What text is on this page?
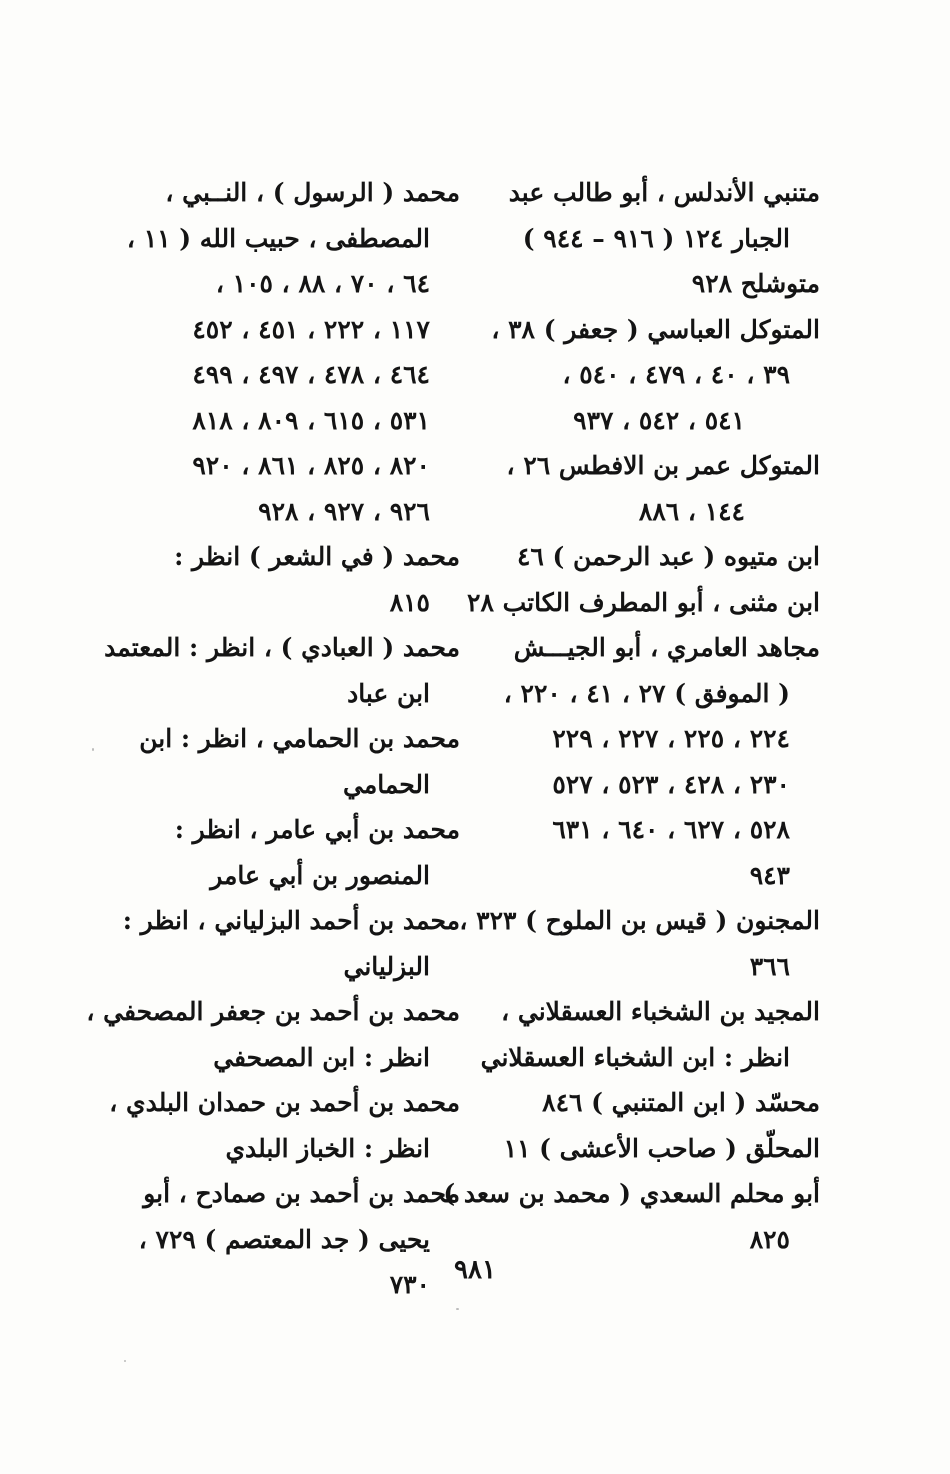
متنبي الأندلس ، أبو طالب عبد
الجبار ١٢٤ ( ٩١٦ – ٩٤٤ )
متوشلح ٩٢٨
المتوكل العباسي ( جعفر ) ٣٨ ،
٣٩ ، ٤٠ ، ٤٧٩ ، ٥٤٠ ،
٥٤١ ، ٥٤٢ ، ٩٣٧
المتوكل عمر بن الافطس ٢٦ ،
١٤٤ ، ٨٨٦
ابن متيوه ( عبد الرحمن ) ٤٦
ابن مثنى ، أبو المطرف الكاتب ٢٨
مجاهد العامري ، أبو الجيـــش
( الموفق ) ٢٧ ، ٤١ ، ٢٢٠ ،
٢٢٤ ، ٢٢٥ ، ٢٢٧ ، ٢٢٩
٢٣٠ ، ٤٢٨ ، ٥٢٣ ، ٥٢٧
٥٢٨ ، ٦٢٧ ، ٦٤٠ ، ٦٣١
٩٤٣
المجنون ( قيس بن الملوح ) ٣٢٣ ،
٣٦٦
المجيد بن الشخباء العسقلاني ،
انظر : ابن الشخباء العسقلاني
محسّد ( ابن المتنبي ) ٨٤٦
المحلّق ( صاحب الأعشى ) ١١
أبو محلم السعدي ( محمد بن سعد )
٨٢٥
محمد ( الرسول ) ، النــبي ،
المصطفى ، حبيب الله ( ١١ ،
٦٤ ، ٧٠ ، ٨٨ ، ١٠٥ ،
١١٧ ، ٢٢٢ ، ٤٥١ ، ٤٥٢
٤٦٤ ، ٤٧٨ ، ٤٩٧ ، ٤٩٩
٥٣١ ، ٦١٥ ، ٨٠٩ ، ٨١٨
٨٢٠ ، ٨٢٥ ، ٨٦١ ، ٩٢٠
٩٢٦ ، ٩٢٧ ، ٩٢٨
محمد ( في الشعر ) انظر :
٨١٥
محمد ( العبادي ) ، انظر : المعتمد
ابن عباد
محمد بن الحمامي ، انظر : ابن
الحمامي
محمد بن أبي عامر ، انظر :
المنصور بن أبي عامر
محمد بن أحمد البزلياني ، انظر :
البزلياني
محمد بن أحمد بن جعفر المصحفي ،
انظر : ابن المصحفي
محمد بن أحمد بن حمدان البلدي ،
انظر : الخباز البلدي
محمد بن أحمد بن صمادح ، أبو
يحيى ( جد المعتصم ) ٧٢٩ ،
٧٣٠ ٩٨١
